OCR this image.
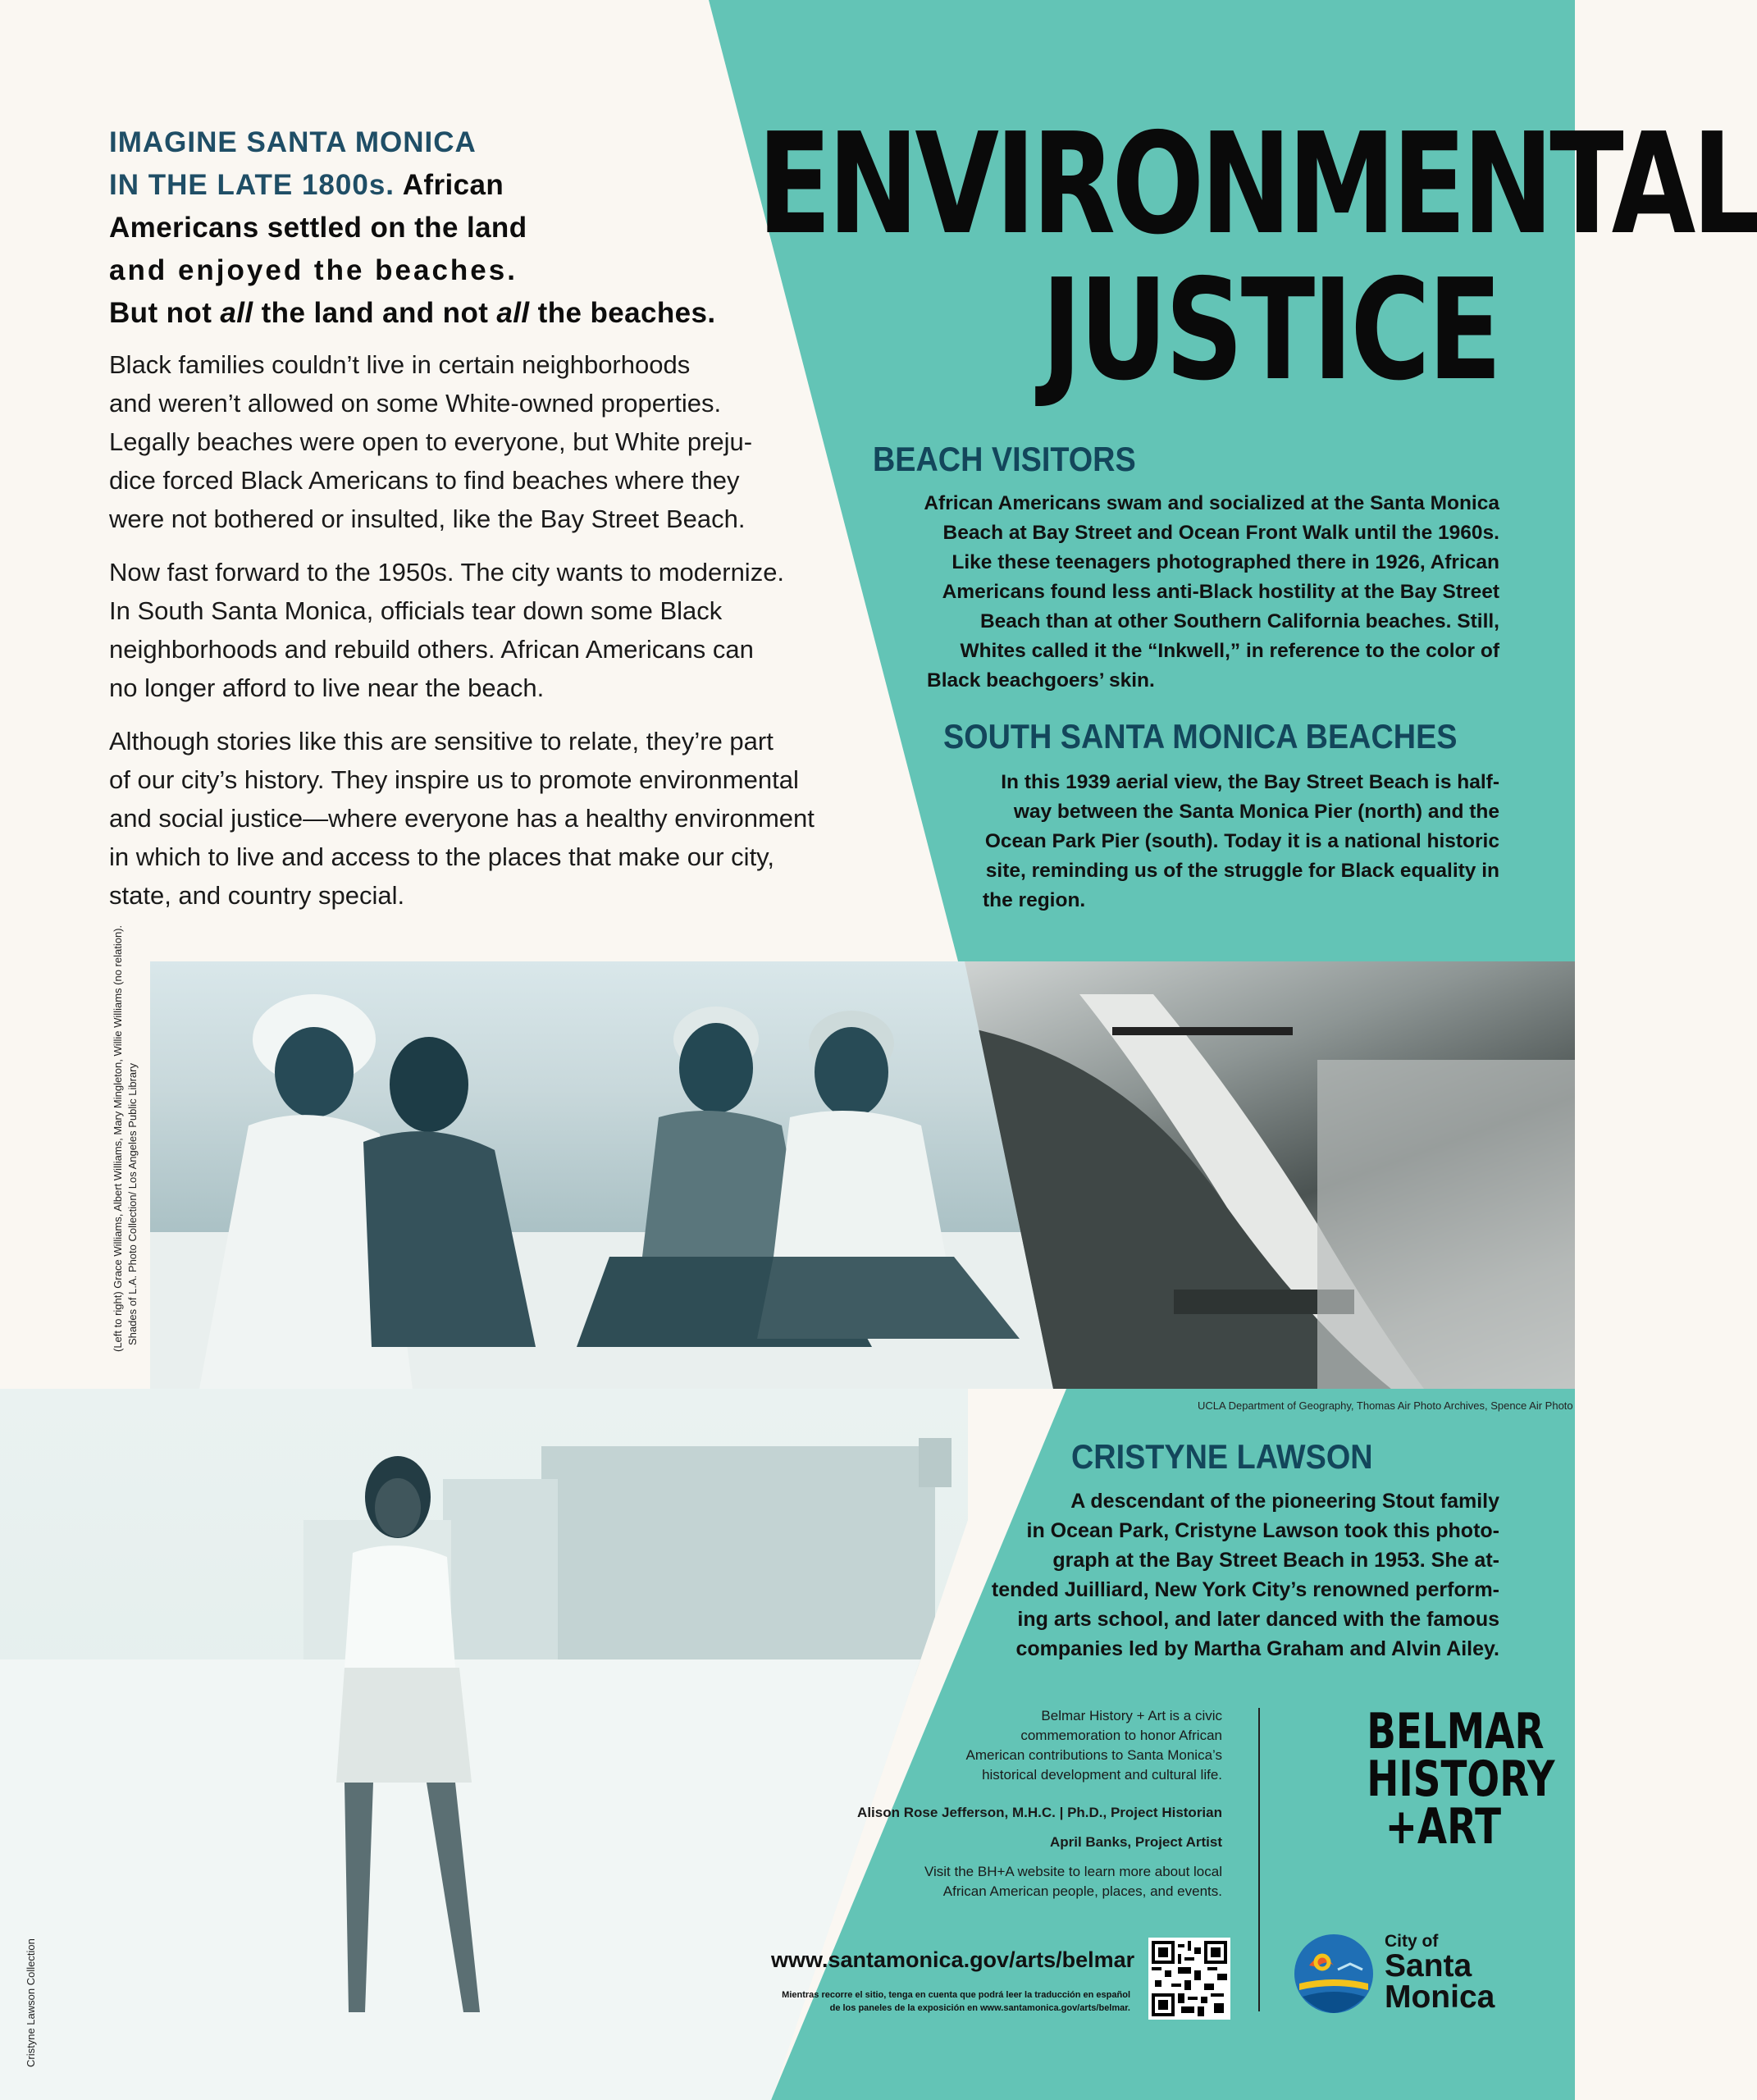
ENVIRONMENTAL
JUSTICE
IMAGINE SANTA MONICA
IN THE LATE 1800s. African
Americans settled on the land
and enjoyed the beaches.
But not all the land and not all the beaches.
Black families couldn’t live in certain neighborhoods
and weren’t allowed on some White-owned properties.
Legally beaches were open to everyone, but White preju-
dice forced Black Americans to find beaches where they
were not bothered or insulted, like the Bay Street Beach.
Now fast forward to the 1950s. The city wants to modernize.
In South Santa Monica, officials tear down some Black
neighborhoods and rebuild others. African Americans can
no longer afford to live near the beach.
Although stories like this are sensitive to relate, they’re part
of our city’s history. They inspire us to promote environmental
and social justice—where everyone has a healthy environment
in which to live and access to the places that make our city,
state, and country special.
BEACH VISITORS
African Americans swam and socialized at the Santa Monica
Beach at Bay Street and Ocean Front Walk until the 1960s.
Like these teenagers photographed there in 1926, African
Americans found less anti-Black hostility at the Bay Street
Beach than at other Southern California beaches. Still,
Whites called it the “Inkwell,” in reference to the color of
Black beachgoers’ skin.
SOUTH SANTA MONICA BEACHES
In this 1939 aerial view, the Bay Street Beach is half-
way between the Santa Monica Pier (north) and the
Ocean Park Pier (south). Today it is a national historic
site, reminding us of the struggle for Black equality in
the region.
(Left to right) Grace Williams, Albert Williams, Mary Mingleton, Willie Williams (no relation). Shades of L.A. Photo Collection/ Los Angeles Public Library
UCLA Department of Geography, Thomas Air Photo Archives, Spence Air Photo
Cristyne Lawson Collection
CRISTYNE LAWSON
A descendant of the pioneering Stout family
in Ocean Park, Cristyne Lawson took this photo-
graph at the Bay Street Beach in 1953. She at-
tended Juilliard, New York City’s renowned perform-
ing arts school, and later danced with the famous
companies led by Martha Graham and Alvin Ailey.
Belmar History + Art is a civic
commemoration to honor African
American contributions to Santa Monica’s
historical development and cultural life.
Alison Rose Jefferson, M.H.C. | Ph.D., Project Historian
April Banks, Project Artist
Visit the BH+A website to learn more about local
African American people, places, and events.
www.santamonica.gov/arts/belmar
Mientras recorre el sitio, tenga en cuenta que podrá leer la traducción en español
de los paneles de la exposición en www.santamonica.gov/arts/belmar.
BELMAR
HISTORY
+ART
City of
Santa
Monica
